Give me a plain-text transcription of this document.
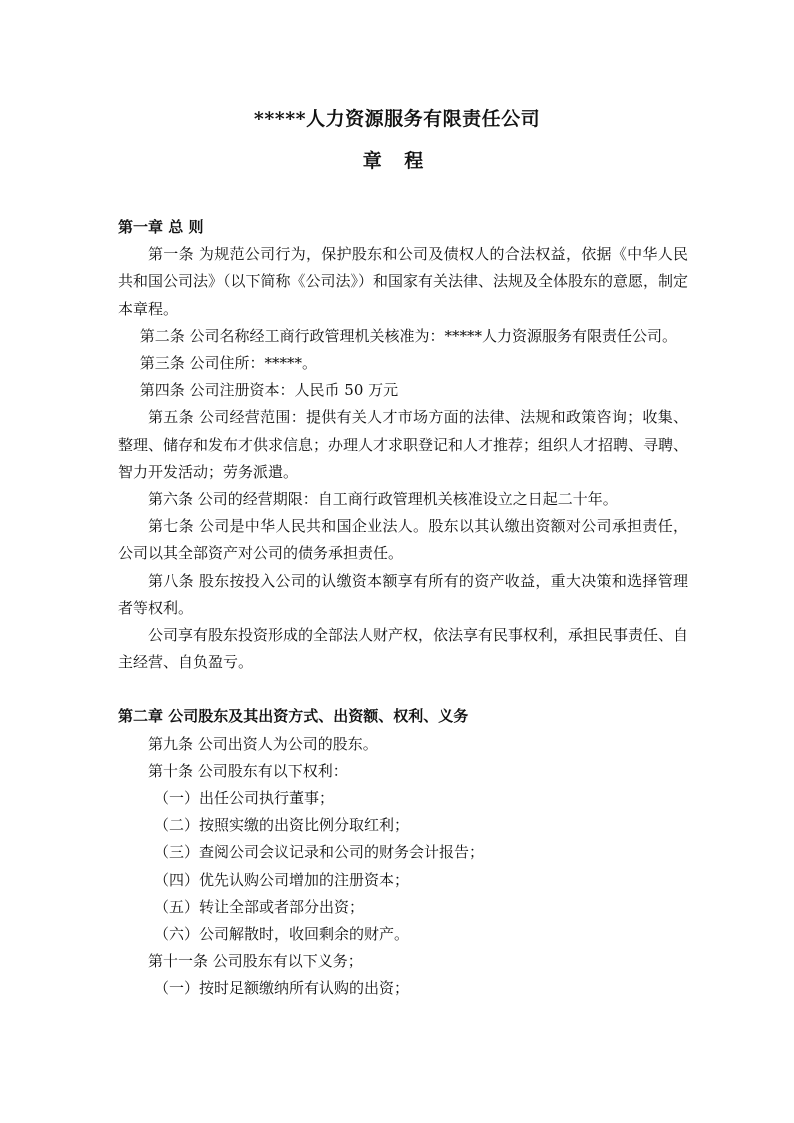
*****人力资源服务有限责任公司
章 程

第一章 总 则

第一条 为规范公司行为，保护股东和公司及债权人的合法权益，依据《中华人民共和国公司法》（以下简称《公司法》）和国家有关法律、法规及全体股东的意愿，制定本章程。

第二条 公司名称经工商行政管理机关核准为：*****人力资源服务有限责任公司。

第三条 公司住所：*****。

第四条 公司注册资本：人民币 50 万元

第五条 公司经营范围：提供有关人才市场方面的法律、法规和政策咨询；收集、整理、储存和发布才供求信息；办理人才求职登记和人才推荐；组织人才招聘、寻聘、智力开发活动；劳务派遣。

第六条 公司的经营期限：自工商行政管理机关核准设立之日起二十年。

第七条 公司是中华人民共和国企业法人。股东以其认缴出资额对公司承担责任，公司以其全部资产对公司的债务承担责任。

第八条 股东按投入公司的认缴资本额享有所有的资产收益，重大决策和选择管理者等权利。

公司享有股东投资形成的全部法人财产权，依法享有民事权利，承担民事责任、自主经营、自负盈亏。

第二章 公司股东及其出资方式、出资额、权利、义务

第九条 公司出资人为公司的股东。

第十条 公司股东有以下权利：

（一）出任公司执行董事；

（二）按照实缴的出资比例分取红利；

（三）查阅公司会议记录和公司的财务会计报告；

（四）优先认购公司增加的注册资本；

（五）转让全部或者部分出资；

（六）公司解散时，收回剩余的财产。

第十一条 公司股东有以下义务；

（一）按时足额缴纳所有认购的出资；
